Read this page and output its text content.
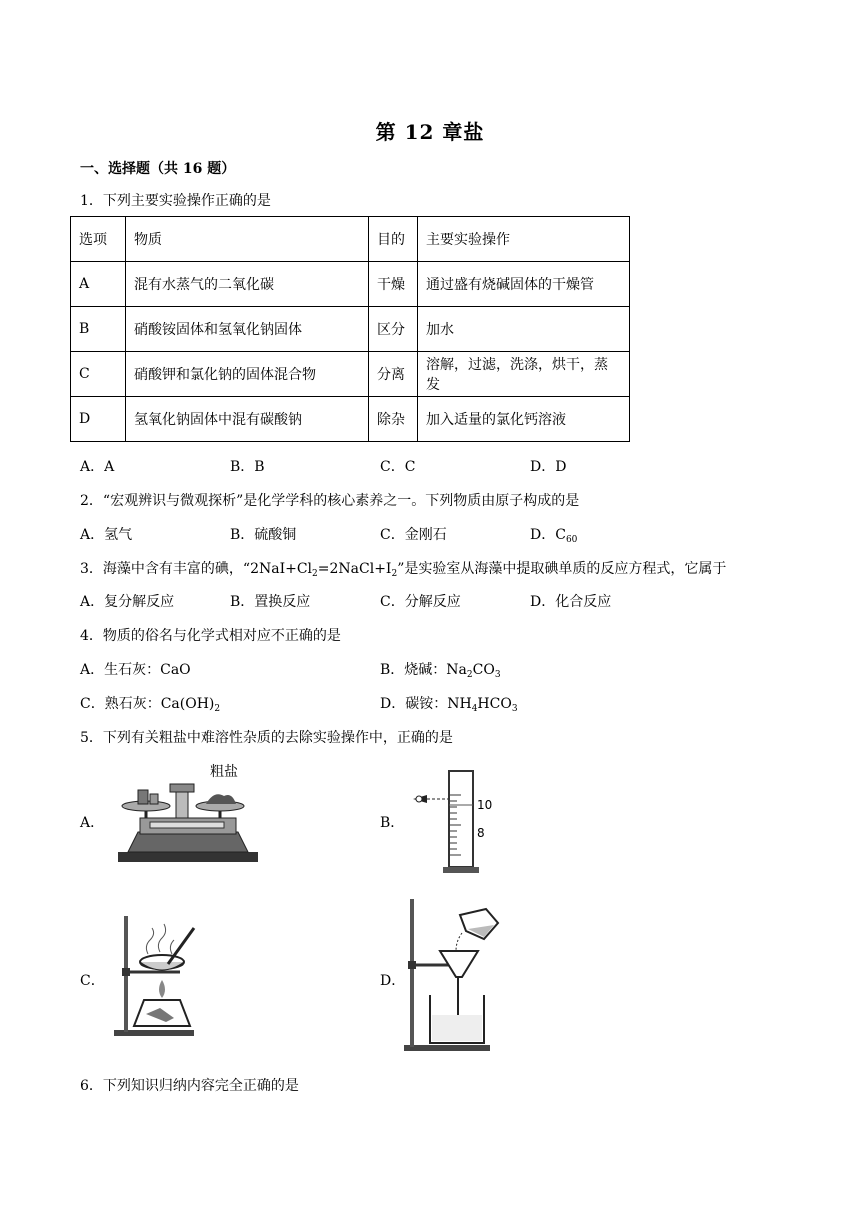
第 12 章盐
一、选择题（共 16 题）
1．下列主要实验操作正确的是
选项	物质	目的	主要实验操作
A	混有水蒸气的二氧化碳	干燥	通过盛有烧碱固体的干燥管
B	硝酸铵固体和氢氧化钠固体	区分	加水
C	硝酸钾和氯化钠的固体混合物	分离	溶解，过滤，洗涤，烘干，蒸发
D	氢氧化钠固体中混有碳酸钠	除杂	加入适量的氯化钙溶液
A．A	B．B	C．C	D．D
2．“宏观辨识与微观探析”是化学学科的核心素养之一。下列物质由原子构成的是
A．氢气	B．硫酸铜	C．金刚石	D．$C_{60}$
3．海藻中含有丰富的碘，“$2NaI+Cl_2=2NaCl+I_2$”是实验室从海藻中提取碘单质的反应方程式，它属于
A．复分解反应	B．置换反应	C．分解反应	D．化合反应
4．物质的俗名与化学式相对应不正确的是
A．生石灰：CaO	B．烧碱：$Na_2CO_3$
C．熟石灰：$Ca(OH)_2$	D．碳铵：$NH_4HCO_3$
5．下列有关粗盐中难溶性杂质的去除实验操作中，正确的是
A．	B．
C．	D．
粗盐
10
8
6．下列知识归纳内容完全正确的是
